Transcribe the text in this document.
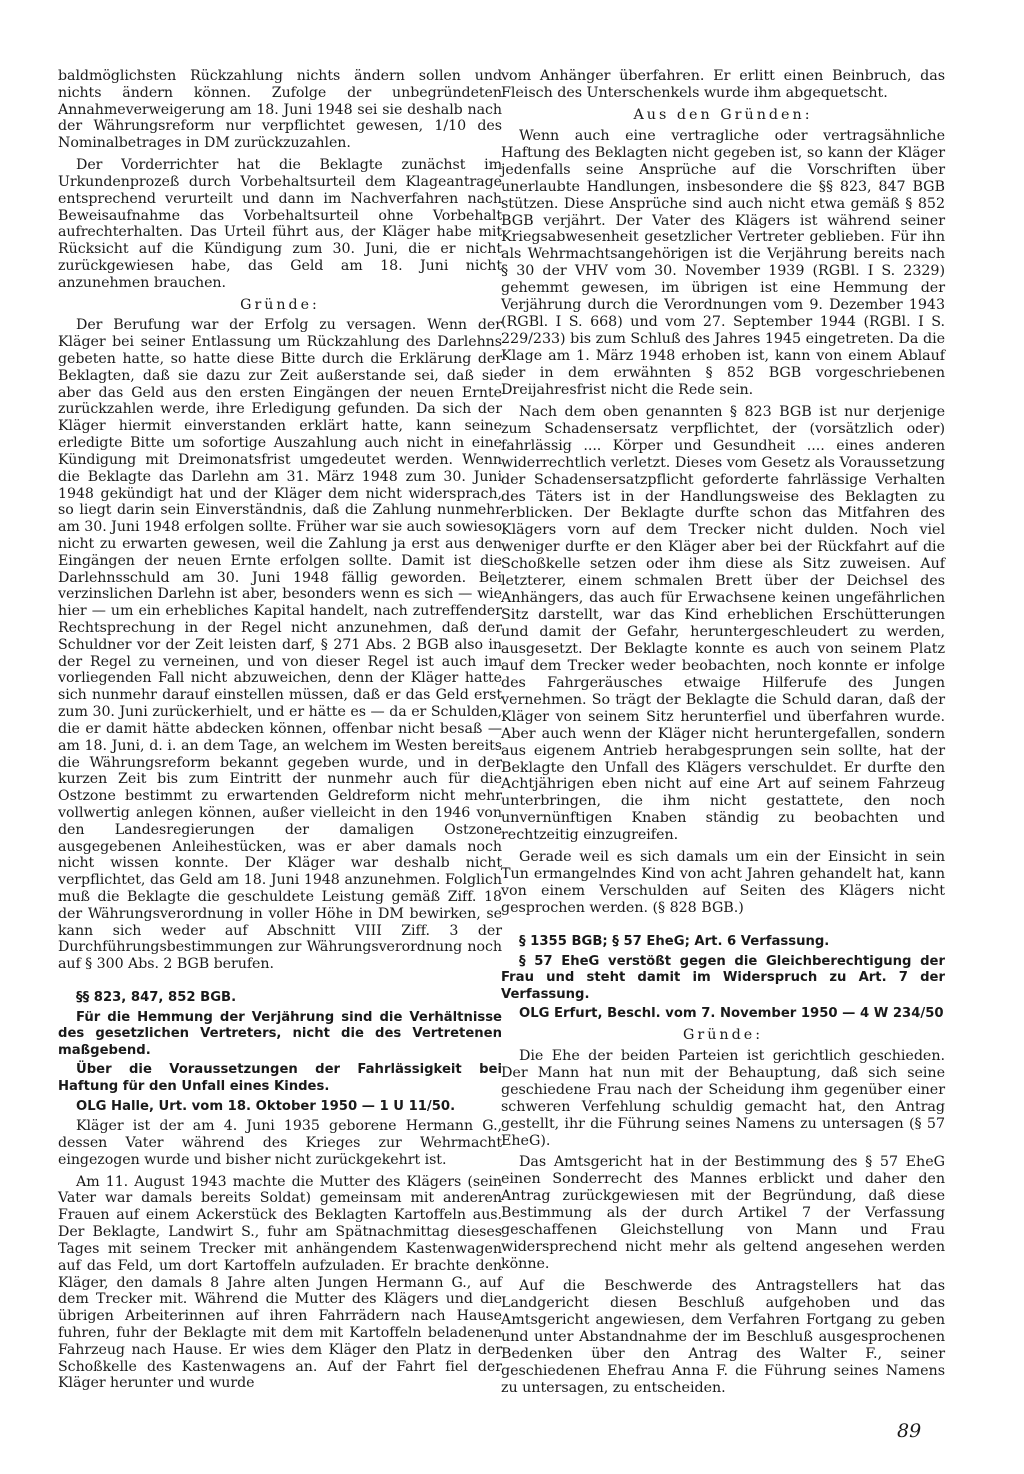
baldmöglichsten Rückzahlung nichts ändern sollen und nichts ändern können. Zufolge der unbegründeten Annahmeverweigerung am 18. Juni 1948 sei sie deshalb nach der Währungsreform nur verpflichtet gewesen, 1/10 des Nominalbetrages in DM zurückzuzahlen.

Der Vorderrichter hat die Beklagte zunächst im Urkundenprozeß durch Vorbehaltsurteil dem Klageantrage entsprechend verurteilt und dann im Nachverfahren nach Beweisaufnahme das Vorbehaltsurteil ohne Vorbehalt aufrechterhalten. Das Urteil führt aus, der Kläger habe mit Rücksicht auf die Kündigung zum 30. Juni, die er nicht zurückgewiesen habe, das Geld am 18. Juni nicht anzunehmen brauchen.

Gründe:

Der Berufung war der Erfolg zu versagen. Wenn der Kläger bei seiner Entlassung um Rückzahlung des Darlehns gebeten hatte, so hatte diese Bitte durch die Erklärung der Beklagten, daß sie dazu zur Zeit außerstande sei, daß sie aber das Geld aus den ersten Eingängen der neuen Ernte zurückzahlen werde, ihre Erledigung gefunden. Da sich der Kläger hiermit einverstanden erklärt hatte, kann seine erledigte Bitte um sofortige Auszahlung auch nicht in eine Kündigung mit Dreimonatsfrist umgedeutet werden. Wenn die Beklagte das Darlehn am 31. März 1948 zum 30. Juni 1948 gekündigt hat und der Kläger dem nicht widersprach, so liegt darin sein Einverständnis, daß die Zahlung nunmehr am 30. Juni 1948 erfolgen sollte. Früher war sie auch sowieso nicht zu erwarten gewesen, weil die Zahlung ja erst aus den Eingängen der neuen Ernte erfolgen sollte. Damit ist die Darlehnsschuld am 30. Juni 1948 fällig geworden. Bei verzinslichen Darlehn ist aber, besonders wenn es sich — wie hier — um ein erhebliches Kapital handelt, nach zutreffender Rechtsprechung in der Regel nicht anzunehmen, daß der Schuldner vor der Zeit leisten darf, § 271 Abs. 2 BGB also in der Regel zu verneinen, und von dieser Regel ist auch im vorliegenden Fall nicht abzuweichen, denn der Kläger hatte sich nunmehr darauf einstellen müssen, daß er das Geld erst zum 30. Juni zurückerhielt, und er hätte es — da er Schulden, die er damit hätte abdecken können, offenbar nicht besaß — am 18. Juni, d. i. an dem Tage, an welchem im Westen bereits die Währungsreform bekannt gegeben wurde, und in der kurzen Zeit bis zum Eintritt der nunmehr auch für die Ostzone bestimmt zu erwartenden Geldreform nicht mehr vollwertig anlegen können, außer vielleicht in den 1946 von den Landesregierungen der damaligen Ostzone ausgegebenen Anleihestücken, was er aber damals noch nicht wissen konnte. Der Kläger war deshalb nicht verpflichtet, das Geld am 18. Juni 1948 anzunehmen. Folglich muß die Beklagte die geschuldete Leistung gemäß Ziff. 18 der Währungsverordnung in voller Höhe in DM bewirken, se kann sich weder auf Abschnitt VIII Ziff. 3 der Durchführungsbestimmungen zur Währungsverordnung noch auf § 300 Abs. 2 BGB berufen.

§§ 823, 847, 852 BGB.

Für die Hemmung der Verjährung sind die Verhältnisse des gesetzlichen Vertreters, nicht die des Vertretenen maßgebend.

Über die Voraussetzungen der Fahrlässigkeit bei Haftung für den Unfall eines Kindes.

OLG Halle, Urt. vom 18. Oktober 1950 — 1 U 11/50.

Kläger ist der am 4. Juni 1935 geborene Hermann G., dessen Vater während des Krieges zur Wehrmacht eingezogen wurde und bisher nicht zurückgekehrt ist.

Am 11. August 1943 machte die Mutter des Klägers (sein Vater war damals bereits Soldat) gemeinsam mit anderen Frauen auf einem Ackerstück des Beklagten Kartoffeln aus. Der Beklagte, Landwirt S., fuhr am Spätnachmittag dieses Tages mit seinem Trecker mit anhängendem Kastenwagen auf das Feld, um dort Kartoffeln aufzuladen. Er brachte den Kläger, den damals 8 Jahre alten Jungen Hermann G., auf dem Trecker mit. Während die Mutter des Klägers und die übrigen Arbeiterinnen auf ihren Fahrrädern nach Hause fuhren, fuhr der Beklagte mit dem mit Kartoffeln beladenen Fahrzeug nach Hause. Er wies dem Kläger den Platz in der Schoßkelle des Kastenwagens an. Auf der Fahrt fiel der Kläger herunter und wurde

vom Anhänger überfahren. Er erlitt einen Beinbruch, das Fleisch des Unterschenkels wurde ihm abgequetscht.

Aus den Gründen:

Wenn auch eine vertragliche oder vertragsähnliche Haftung des Beklagten nicht gegeben ist, so kann der Kläger jedenfalls seine Ansprüche auf die Vorschriften über unerlaubte Handlungen, insbesondere die §§ 823, 847 BGB stützen. Diese Ansprüche sind auch nicht etwa gemäß § 852 BGB verjährt. Der Vater des Klägers ist während seiner Kriegsabwesenheit gesetzlicher Vertreter geblieben. Für ihn als Wehrmachtsangehörigen ist die Verjährung bereits nach § 30 der VHV vom 30. November 1939 (RGBl. I S. 2329) gehemmt gewesen, im übrigen ist eine Hemmung der Verjährung durch die Verordnungen vom 9. Dezember 1943 (RGBl. I S. 668) und vom 27. September 1944 (RGBl. I S. 229/233) bis zum Schluß des Jahres 1945 eingetreten. Da die Klage am 1. März 1948 erhoben ist, kann von einem Ablauf der in dem erwähnten § 852 BGB vorgeschriebenen Dreijahresfrist nicht die Rede sein.

Nach dem oben genannten § 823 BGB ist nur derjenige zum Schadensersatz verpflichtet, der (vorsätzlich oder) fahrlässig .... Körper und Gesundheit .... eines anderen widerrechtlich verletzt. Dieses vom Gesetz als Voraussetzung der Schadensersatzpflicht geforderte fahrlässige Verhalten des Täters ist in der Handlungsweise des Beklagten zu erblicken. Der Beklagte durfte schon das Mitfahren des Klägers vorn auf dem Trecker nicht dulden. Noch viel weniger durfte er den Kläger aber bei der Rückfahrt auf die Schoßkelle setzen oder ihm diese als Sitz zuweisen. Auf letzterer, einem schmalen Brett über der Deichsel des Anhängers, das auch für Erwachsene keinen ungefährlichen Sitz darstellt, war das Kind erheblichen Erschütterungen und damit der Gefahr, heruntergeschleudert zu werden, ausgesetzt. Der Beklagte konnte es auch von seinem Platz auf dem Trecker weder beobachten, noch konnte er infolge des Fahrgeräusches etwaige Hilferufe des Jungen vernehmen. So trägt der Beklagte die Schuld daran, daß der Kläger von seinem Sitz herunterfiel und überfahren wurde. Aber auch wenn der Kläger nicht heruntergefallen, sondern aus eigenem Antrieb herabgesprungen sein sollte, hat der Beklagte den Unfall des Klägers verschuldet. Er durfte den Achtjährigen eben nicht auf eine Art auf seinem Fahrzeug unterbringen, die ihm nicht gestattete, den noch unvernünftigen Knaben ständig zu beobachten und rechtzeitig einzugreifen.

Gerade weil es sich damals um ein der Einsicht in sein Tun ermangelndes Kind von acht Jahren gehandelt hat, kann von einem Verschulden auf Seiten des Klägers nicht gesprochen werden. (§ 828 BGB.)

§ 1355 BGB; § 57 EheG; Art. 6 Verfassung.

§ 57 EheG verstößt gegen die Gleichberechtigung der Frau und steht damit im Widerspruch zu Art. 7 der Verfassung.

OLG Erfurt, Beschl. vom 7. November 1950 — 4 W 234/50

Gründe:

Die Ehe der beiden Parteien ist gerichtlich geschieden. Der Mann hat nun mit der Behauptung, daß sich seine geschiedene Frau nach der Scheidung ihm gegenüber einer schweren Verfehlung schuldig gemacht hat, den Antrag gestellt, ihr die Führung seines Namens zu untersagen (§ 57 EheG).

Das Amtsgericht hat in der Bestimmung des § 57 EheG einen Sonderrecht des Mannes erblickt und daher den Antrag zurückgewiesen mit der Begründung, daß diese Bestimmung als der durch Artikel 7 der Verfassung geschaffenen Gleichstellung von Mann und Frau widersprechend nicht mehr als geltend angesehen werden könne.

Auf die Beschwerde des Antragstellers hat das Landgericht diesen Beschluß aufgehoben und das Amtsgericht angewiesen, dem Verfahren Fortgang zu geben und unter Abstandnahme der im Beschluß ausgesprochenen Bedenken über den Antrag des Walter F., seiner geschiedenen Ehefrau Anna F. die Führung seines Namens zu untersagen, zu entscheiden.

89
